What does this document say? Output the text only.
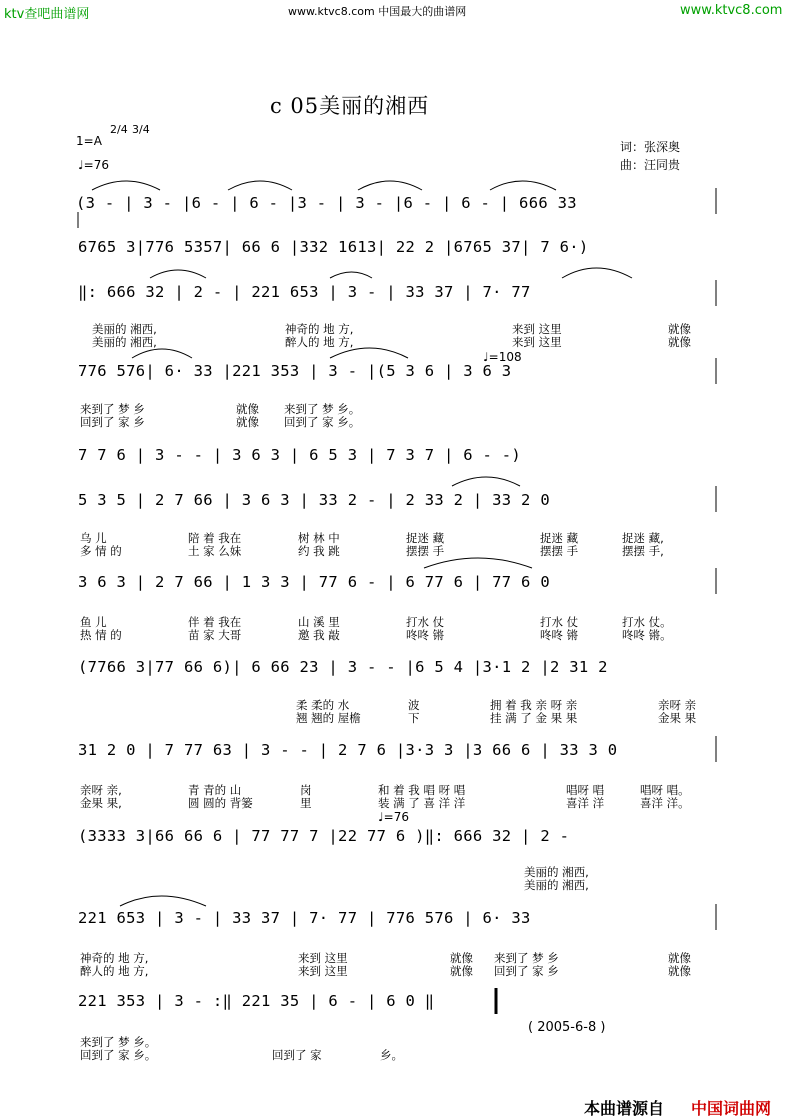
ktv查吧曲谱网	www.ktvc8.com 中国最大的曲谱网	www.ktvc8.com
c 05美丽的湘西
1=A
2/4 3/4
♩=76
词：张深奥
曲：汪同贵
(3 - | 3 - |6 - | 6 - |3 - | 3 - |6 - | 6 - | 666 33
6765 3|776 5357| 66 6 |332 1613| 22 2 |6765 37| 7 6·)
‖: 666 32 | 2 - | 221 653 | 3 - | 33 37 | 7· 77
776 576| 6· 33 |221 353 | 3 - |(5 3 6 | 3 6 3
7 7 6 | 3 - - | 3 6 3 | 6 5 3 | 7 3 7 | 6 - -)
5 3 5 | 2 7 66 | 3 6 3 | 33 2 - | 2 33 2 | 33 2 0
3 6 3 | 2 7 66 | 1 3 3 | 77 6 - | 6 77 6 | 77 6 0
(7766 3|77 66 6)| 6 66 23 | 3 - - |6 5 4 |3·1 2 |2 31 2
31 2 0 | 7 77 63 | 3 - - | 2 7 6 |3·3 3 |3 66 6 | 33 3 0
(3333 3|66 66 6 | 77 77 7 |22 77 6 )‖: 666 32 | 2 -
221 653 | 3 - | 33 37 | 7· 77 | 776 576 | 6· 33
221 353 | 3 - :‖ 221 35 | 6 - | 6 0 ‖
♩=108
♩=76
美丽的 湘西,	神奇的 地 方,	来到 这里	就像
美丽的 湘西,	醉人的 地 方,	来到 这里	就像
来到了 梦 乡	就像 来到了 梦 乡。
回到了 家 乡	就像 回到了 家 乡。
乌 儿	陪 着 我在	树 林 中	捉迷 藏	捉迷 藏	捉迷 藏,
多 情 的	土 家 么妹	约 我 跳	摆摆 手	摆摆 手	摆摆 手,
鱼 儿	伴 着 我在	山 溪 里	打水 仗	打水 仗	打水 仗。
热 情 的	苗 家 大哥	邀 我 敲	咚咚 锵	咚咚 锵	咚咚 锵。
柔 柔的 水	波	拥 着 我 亲 呀 亲	亲呀 亲
翘 翘的 屋檐	下	挂 满 了 金 果 果	金果 果
亲呀 亲,	青 青的 山	岗	和 着 我 唱 呀 唱	唱呀 唱	唱呀 唱。
金果 果,	圆 圆的 背篓	里	装 满 了 喜 洋 洋	喜洋 洋	喜洋 洋。
美丽的 湘西,
美丽的 湘西,
神奇的 地 方,	来到 这里	就像 来到了 梦 乡	就像
醉人的 地 方,	来到 这里	就像 回到了 家 乡	就像
来到了 梦 乡。
回到了 家 乡。	回到了 家	乡。
( 2005-6-8 )
本曲谱源自 中国词曲网
